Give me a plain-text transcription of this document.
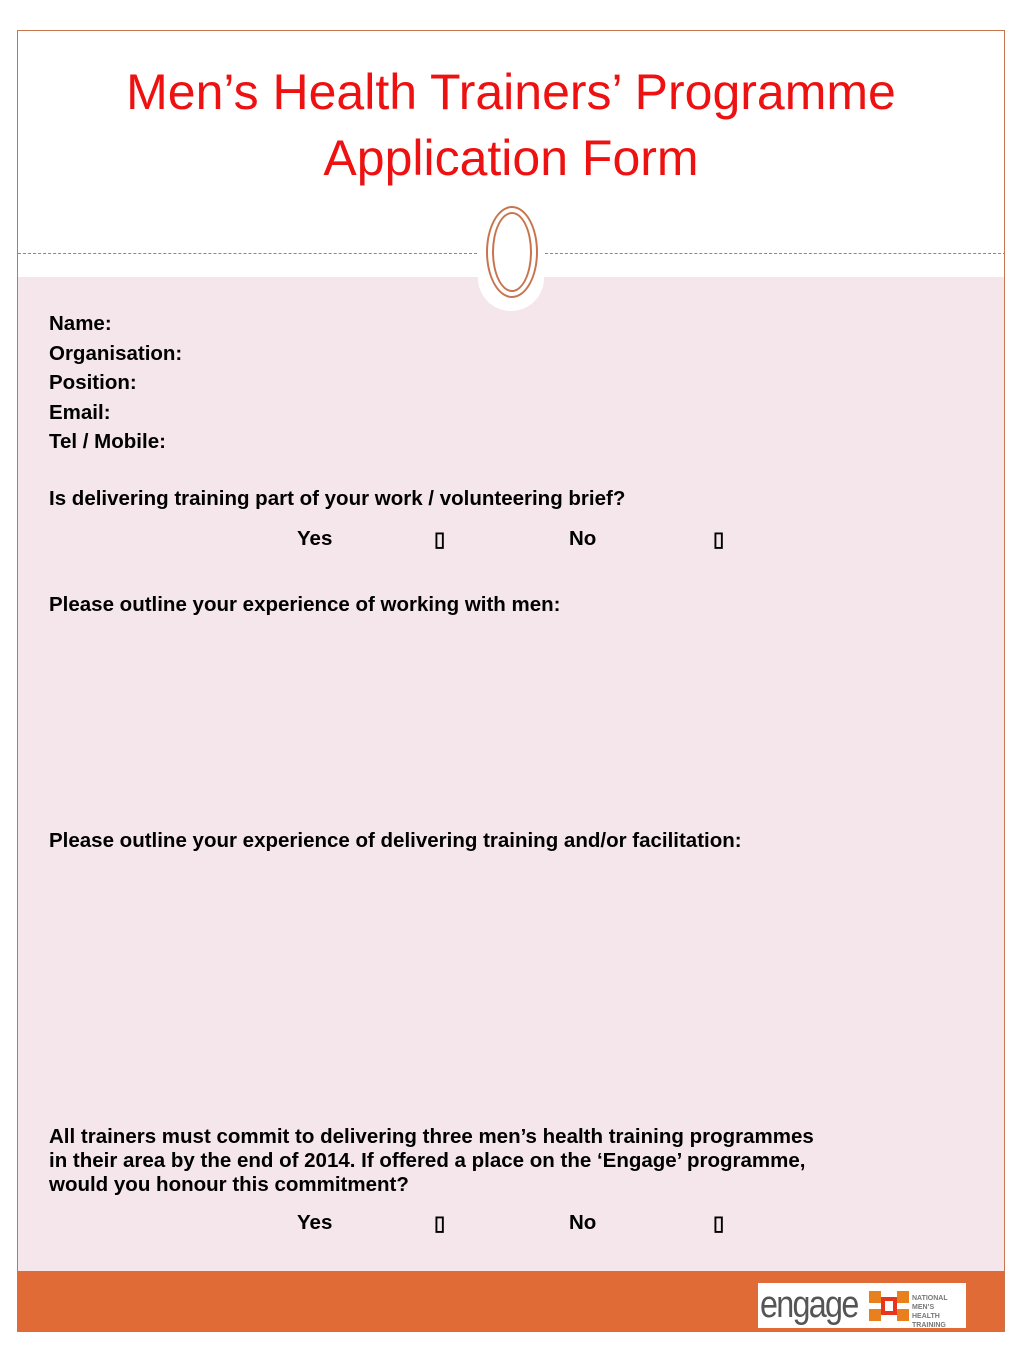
Men’s Health Trainers’ Programme
Application Form
Name:
Organisation:
Position:
Email:
Tel / Mobile:
Is delivering training part of your work / volunteering brief?
Yes	▯	No	▯
Please outline your experience of working with men:
Please outline your experience of delivering training and/or facilitation:
All trainers must commit to delivering three men’s health training programmes
in their area by the end of 2014. If offered a place on the ‘Engage’ programme,
would you honour this commitment?
Yes	▯	No	▯
engage	NATIONAL MEN’S
HEALTH TRAINING
